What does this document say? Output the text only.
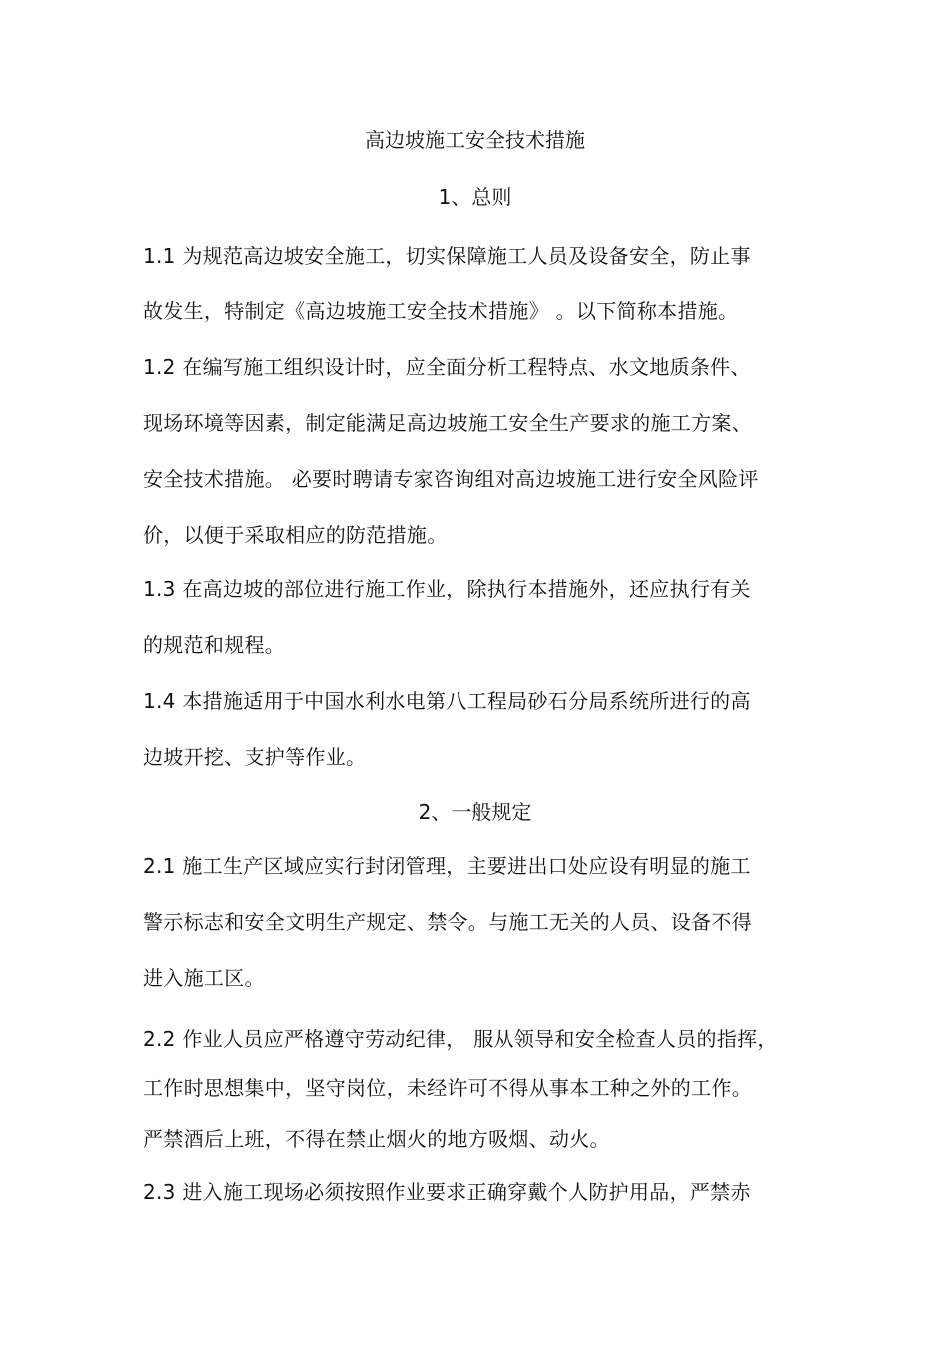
高边坡施工安全技术措施
1、总则
1.1 为规范高边坡安全施工，切实保障施工人员及设备安全，防止事
故发生，特制定《高边坡施工安全技术措施》 。以下简称本措施。
1.2 在编写施工组织设计时，应全面分析工程特点、水文地质条件、
现场环境等因素，制定能满足高边坡施工安全生产要求的施工方案、
安全技术措施。 必要时聘请专家咨询组对高边坡施工进行安全风险评
价，以便于采取相应的防范措施。
1.3 在高边坡的部位进行施工作业，除执行本措施外，还应执行有关
的规范和规程。
1.4 本措施适用于中国水利水电第八工程局砂石分局系统所进行的高
边坡开挖、支护等作业。
2、一般规定
2.1 施工生产区域应实行封闭管理，主要进出口处应设有明显的施工
警示标志和安全文明生产规定、禁令。与施工无关的人员、设备不得
进入施工区。
2.2 作业人员应严格遵守劳动纪律， 服从领导和安全检查人员的指挥，
工作时思想集中，坚守岗位，未经许可不得从事本工种之外的工作。
严禁酒后上班，不得在禁止烟火的地方吸烟、动火。
2.3 进入施工现场必须按照作业要求正确穿戴个人防护用品，严禁赤
